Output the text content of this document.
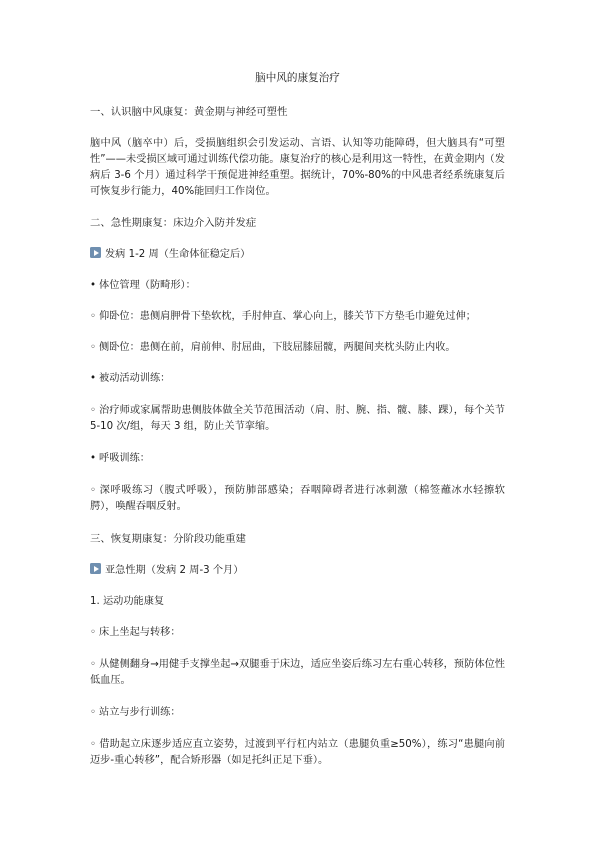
脑中风的康复治疗
一、认识脑中风康复：黄金期与神经可塑性
脑中风（脑卒中）后，受损脑组织会引发运动、言语、认知等功能障碍，但大脑具有“可塑性”——未受损区域可通过训练代偿功能。康复治疗的核心是利用这一特性，在黄金期内（发病后 3-6 个月）通过科学干预促进神经重塑。据统计，70%-80%的中风患者经系统康复后可恢复步行能力，40%能回归工作岗位。
二、急性期康复：床边介入防并发症
发病 1-2 周（生命体征稳定后）
• 体位管理（防畸形）：
◦ 仰卧位：患侧肩胛骨下垫软枕，手肘伸直、掌心向上，膝关节下方垫毛巾避免过伸；
◦ 侧卧位：患侧在前，肩前伸、肘屈曲，下肢屈膝屈髋，两腿间夹枕头防止内收。
• 被动活动训练：
◦ 治疗师或家属帮助患侧肢体做全关节范围活动（肩、肘、腕、指、髋、膝、踝），每个关节 5-10 次/组，每天 3 组，防止关节挛缩。
• 呼吸训练：
◦ 深呼吸练习（腹式呼吸），预防肺部感染；吞咽障碍者进行冰刺激（棉签蘸冰水轻擦软腭），唤醒吞咽反射。
三、恢复期康复：分阶段功能重建
亚急性期（发病 2 周-3 个月）
1. 运动功能康复
◦ 床上坐起与转移：
◦ 从健侧翻身→用健手支撑坐起→双腿垂于床边，适应坐姿后练习左右重心转移，预防体位性低血压。
◦ 站立与步行训练：
◦ 借助起立床逐步适应直立姿势，过渡到平行杠内站立（患腿负重≥50%），练习“患腿向前迈步-重心转移”，配合矫形器（如足托纠正足下垂）。
